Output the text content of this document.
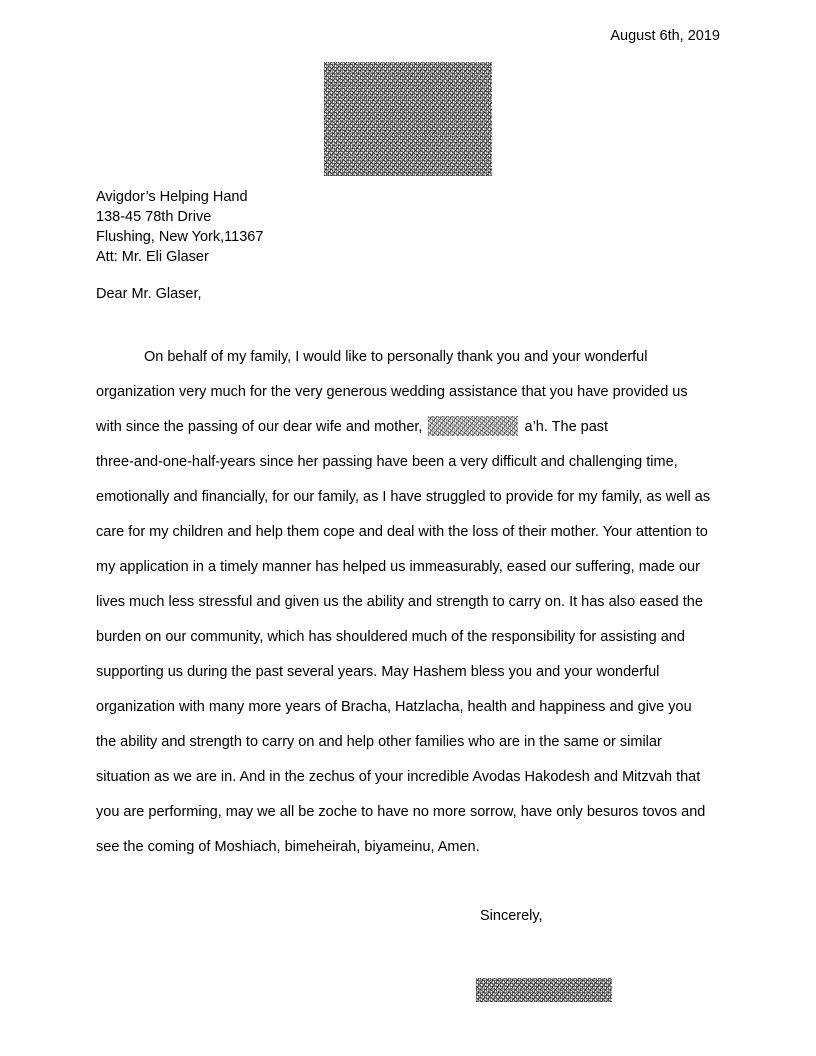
August 6th, 2019
Avigdor’s Helping Hand
138-45 78th Drive
Flushing, New York,11367
Att: Mr. Eli Glaser
Dear Mr. Glaser,
On behalf of my family, I would like to personally thank you and your wonderful
organization very much for the very generous wedding assistance that you have provided us
with since the passing of our dear wife and mother,	a’h. The past
three-and-one-half-years since her passing have been a very difficult and challenging time,
emotionally and financially, for our family, as I have struggled to provide for my family, as well as
care for my children and help them cope and deal with the loss of their mother. Your attention to
my application in a timely manner has helped us immeasurably, eased our suffering, made our
lives much less stressful and given us the ability and strength to carry on. It has also eased the
burden on our community, which has shouldered much of the responsibility for assisting and
supporting us during the past several years. May Hashem bless you and your wonderful
organization with many more years of Bracha, Hatzlacha, health and happiness and give you
the ability and strength to carry on and help other families who are in the same or similar
situation as we are in. And in the zechus of your incredible Avodas Hakodesh and Mitzvah that
you are performing, may we all be zoche to have no more sorrow, have only besuros tovos and
see the coming of Moshiach, bimeheirah, biyameinu, Amen.
Sincerely,
